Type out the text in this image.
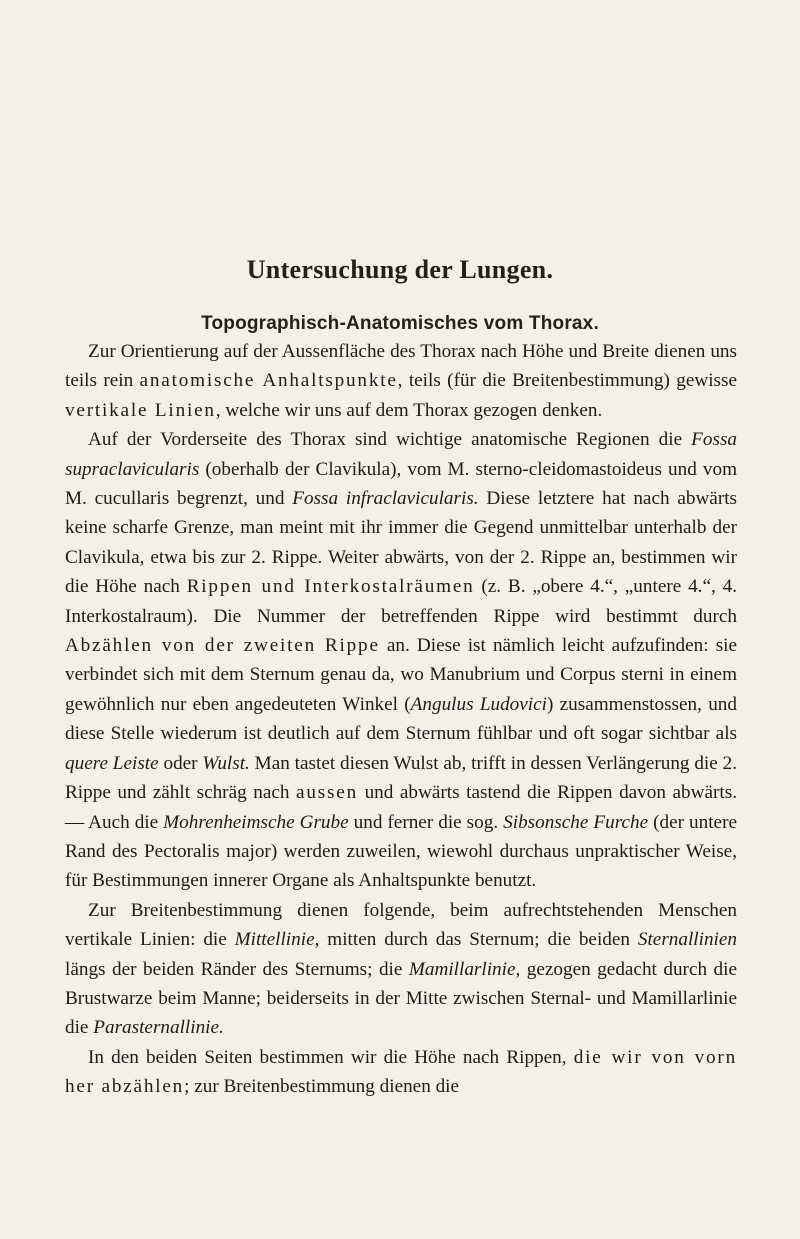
Untersuchung der Lungen.
Topographisch-Anatomisches vom Thorax.

Zur Orientierung auf der Aussenfläche des Thorax nach Höhe und Breite dienen uns teils rein anatomische Anhaltspunkte, teils (für die Breitenbestimmung) gewisse vertikale Linien, welche wir uns auf dem Thorax gezogen denken.

Auf der Vorderseite des Thorax sind wichtige anatomische Regionen die Fossa supraclavicularis (oberhalb der Clavikula), vom M. sterno-cleidomastoideus und vom M. cucullaris begrenzt, und Fossa infraclavicularis. Diese letztere hat nach abwärts keine scharfe Grenze, man meint mit ihr immer die Gegend unmittelbar unterhalb der Clavikula, etwa bis zur 2. Rippe. Weiter abwärts, von der 2. Rippe an, bestimmen wir die Höhe nach Rippen und Interkostalräumen (z. B. „obere 4.“, „untere 4.“, 4. Interkostalraum). Die Nummer der betreffenden Rippe wird bestimmt durch Abzählen von der zweiten Rippe an. Diese ist nämlich leicht aufzufinden: sie verbindet sich mit dem Sternum genau da, wo Manubrium und Corpus sterni in einem gewöhnlich nur eben angedeuteten Winkel (Angulus Ludovici) zusammenstossen, und diese Stelle wiederum ist deutlich auf dem Sternum fühlbar und oft sogar sichtbar als quere Leiste oder Wulst. Man tastet diesen Wulst ab, trifft in dessen Verlängerung die 2. Rippe und zählt schräg nach aussen und abwärts tastend die Rippen davon abwärts. — Auch die Mohrenheimsche Grube und ferner die sog. Sibsonsche Furche (der untere Rand des Pectoralis major) werden zuweilen, wiewohl durchaus unpraktischer Weise, für Bestimmungen innerer Organe als Anhaltspunkte benutzt.

Zur Breitenbestimmung dienen folgende, beim aufrechtstehenden Menschen vertikale Linien: die Mittellinie, mitten durch das Sternum; die beiden Sternallinien längs der beiden Ränder des Sternums; die Mamillarlinie, gezogen gedacht durch die Brustwarze beim Manne; beiderseits in der Mitte zwischen Sternal- und Mamillarlinie die Parasternallinie.

In den beiden Seiten bestimmen wir die Höhe nach Rippen, die wir von vorn her abzählen; zur Breitenbestimmung dienen die
